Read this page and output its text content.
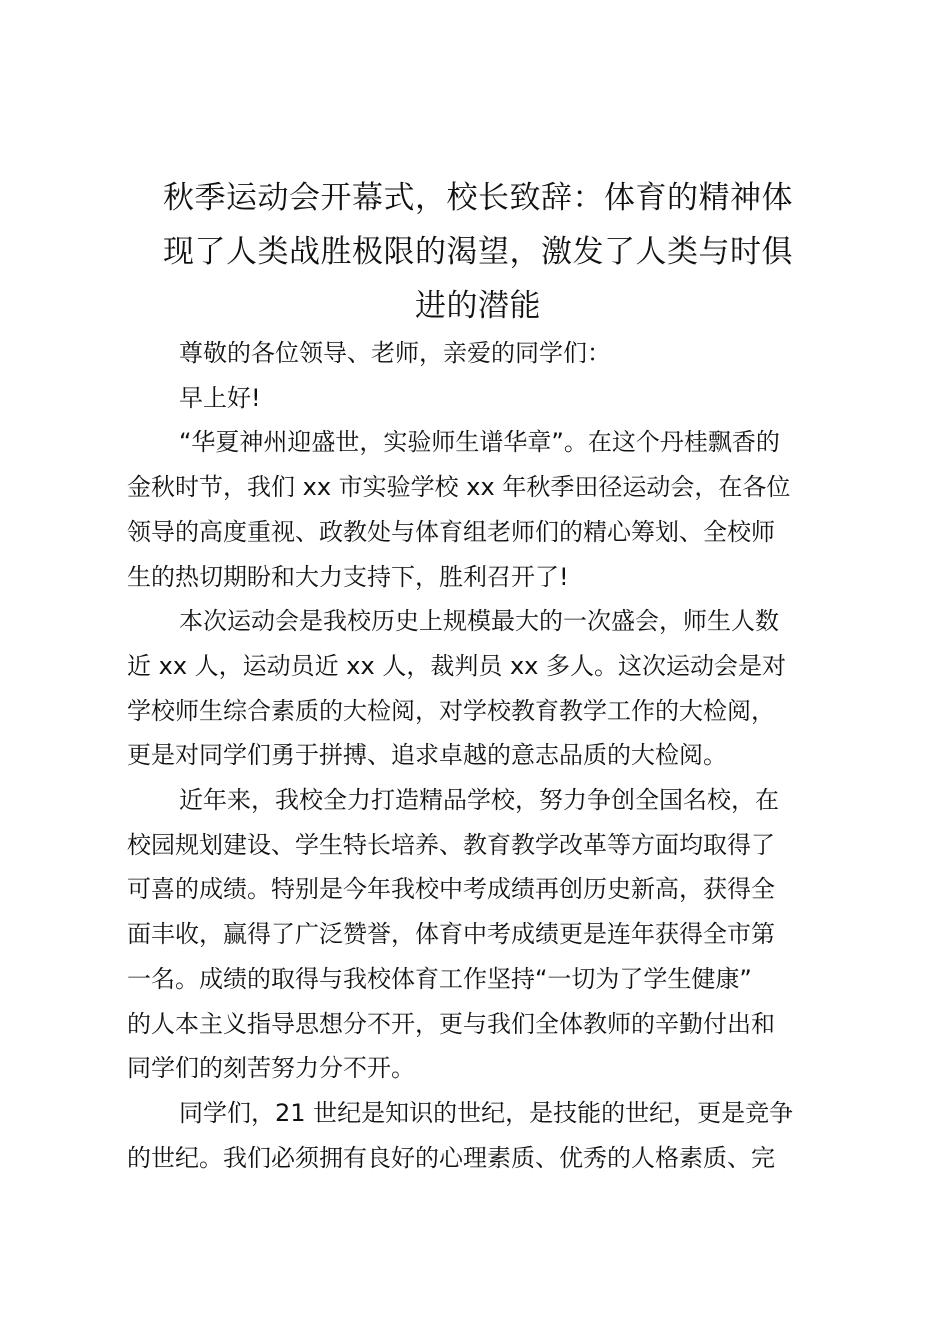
秋季运动会开幕式，校长致辞：体育的精神体
现了人类战胜极限的渴望，激发了人类与时俱
进的潜能

尊敬的各位领导、老师，亲爱的同学们：

早上好!

“华夏神州迎盛世，实验师生谱华章”。在这个丹桂飘香的
金秋时节，我们 xx 市实验学校 xx 年秋季田径运动会，在各位
领导的高度重视、政教处与体育组老师们的精心筹划、全校师
生的热切期盼和大力支持下，胜利召开了!

本次运动会是我校历史上规模最大的一次盛会，师生人数
近 xx 人，运动员近 xx 人，裁判员 xx 多人。这次运动会是对
学校师生综合素质的大检阅，对学校教育教学工作的大检阅，
更是对同学们勇于拼搏、追求卓越的意志品质的大检阅。

近年来，我校全力打造精品学校，努力争创全国名校，在
校园规划建设、学生特长培养、教育教学改革等方面均取得了
可喜的成绩。特别是今年我校中考成绩再创历史新高，获得全
面丰收，赢得了广泛赞誉，体育中考成绩更是连年获得全市第
一名。成绩的取得与我校体育工作坚持“一切为了学生健康”
的人本主义指导思想分不开，更与我们全体教师的辛勤付出和
同学们的刻苦努力分不开。

同学们，21 世纪是知识的世纪，是技能的世纪，更是竞争
的世纪。我们必须拥有良好的心理素质、优秀的人格素质、完
